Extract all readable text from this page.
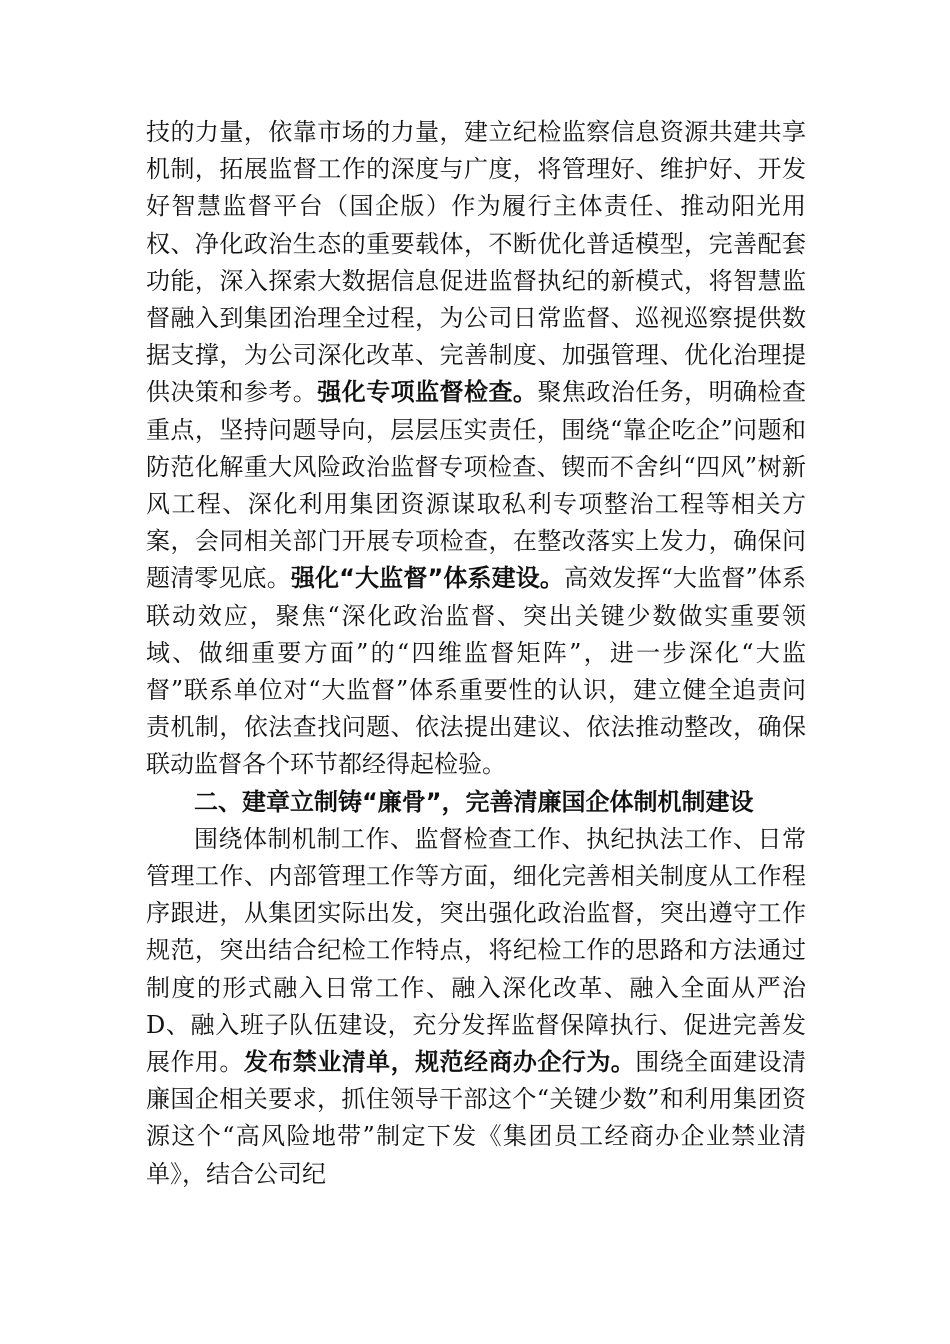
技的力量，依靠市场的力量，建立纪检监察信息资源共建共享机制，拓展监督工作的深度与广度，将管理好、维护好、开发好智慧监督平台（国企版）作为履行主体责任、推动阳光用权、净化政治生态的重要载体，不断优化普适模型，完善配套功能，深入探索大数据信息促进监督执纪的新模式，将智慧监督融入到集团治理全过程，为公司日常监督、巡视巡察提供数据支撑，为公司深化改革、完善制度、加强管理、优化治理提供决策和参考。强化专项监督检查。聚焦政治任务，明确检查重点，坚持问题导向，层层压实责任，围绕“靠企吃企”问题和防范化解重大风险政治监督专项检查、锲而不舍纠“四风”树新风工程、深化利用集团资源谋取私利专项整治工程等相关方案，会同相关部门开展专项检查，在整改落实上发力，确保问题清零见底。强化“大监督”体系建设。高效发挥“大监督”体系联动效应，聚焦“深化政治监督、突出关键少数做实重要领域、做细重要方面”的“四维监督矩阵”，进一步深化“大监督”联系单位对“大监督”体系重要性的认识，建立健全追责问责机制，依法查找问题、依法提出建议、依法推动整改，确保联动监督各个环节都经得起检验。

二、建章立制铸“廉骨”，完善清廉国企体制机制建设

围绕体制机制工作、监督检查工作、执纪执法工作、日常管理工作、内部管理工作等方面，细化完善相关制度从工作程序跟进，从集团实际出发，突出强化政治监督，突出遵守工作规范，突出结合纪检工作特点，将纪检工作的思路和方法通过制度的形式融入日常工作、融入深化改革、融入全面从严治D、融入班子队伍建设，充分发挥监督保障执行、促进完善发展作用。发布禁业清单，规范经商办企行为。围绕全面建设清廉国企相关要求，抓住领导干部这个“关键少数”和利用集团资源这个“高风险地带”制定下发《集团员工经商办企业禁业清单》，结合公司纪
